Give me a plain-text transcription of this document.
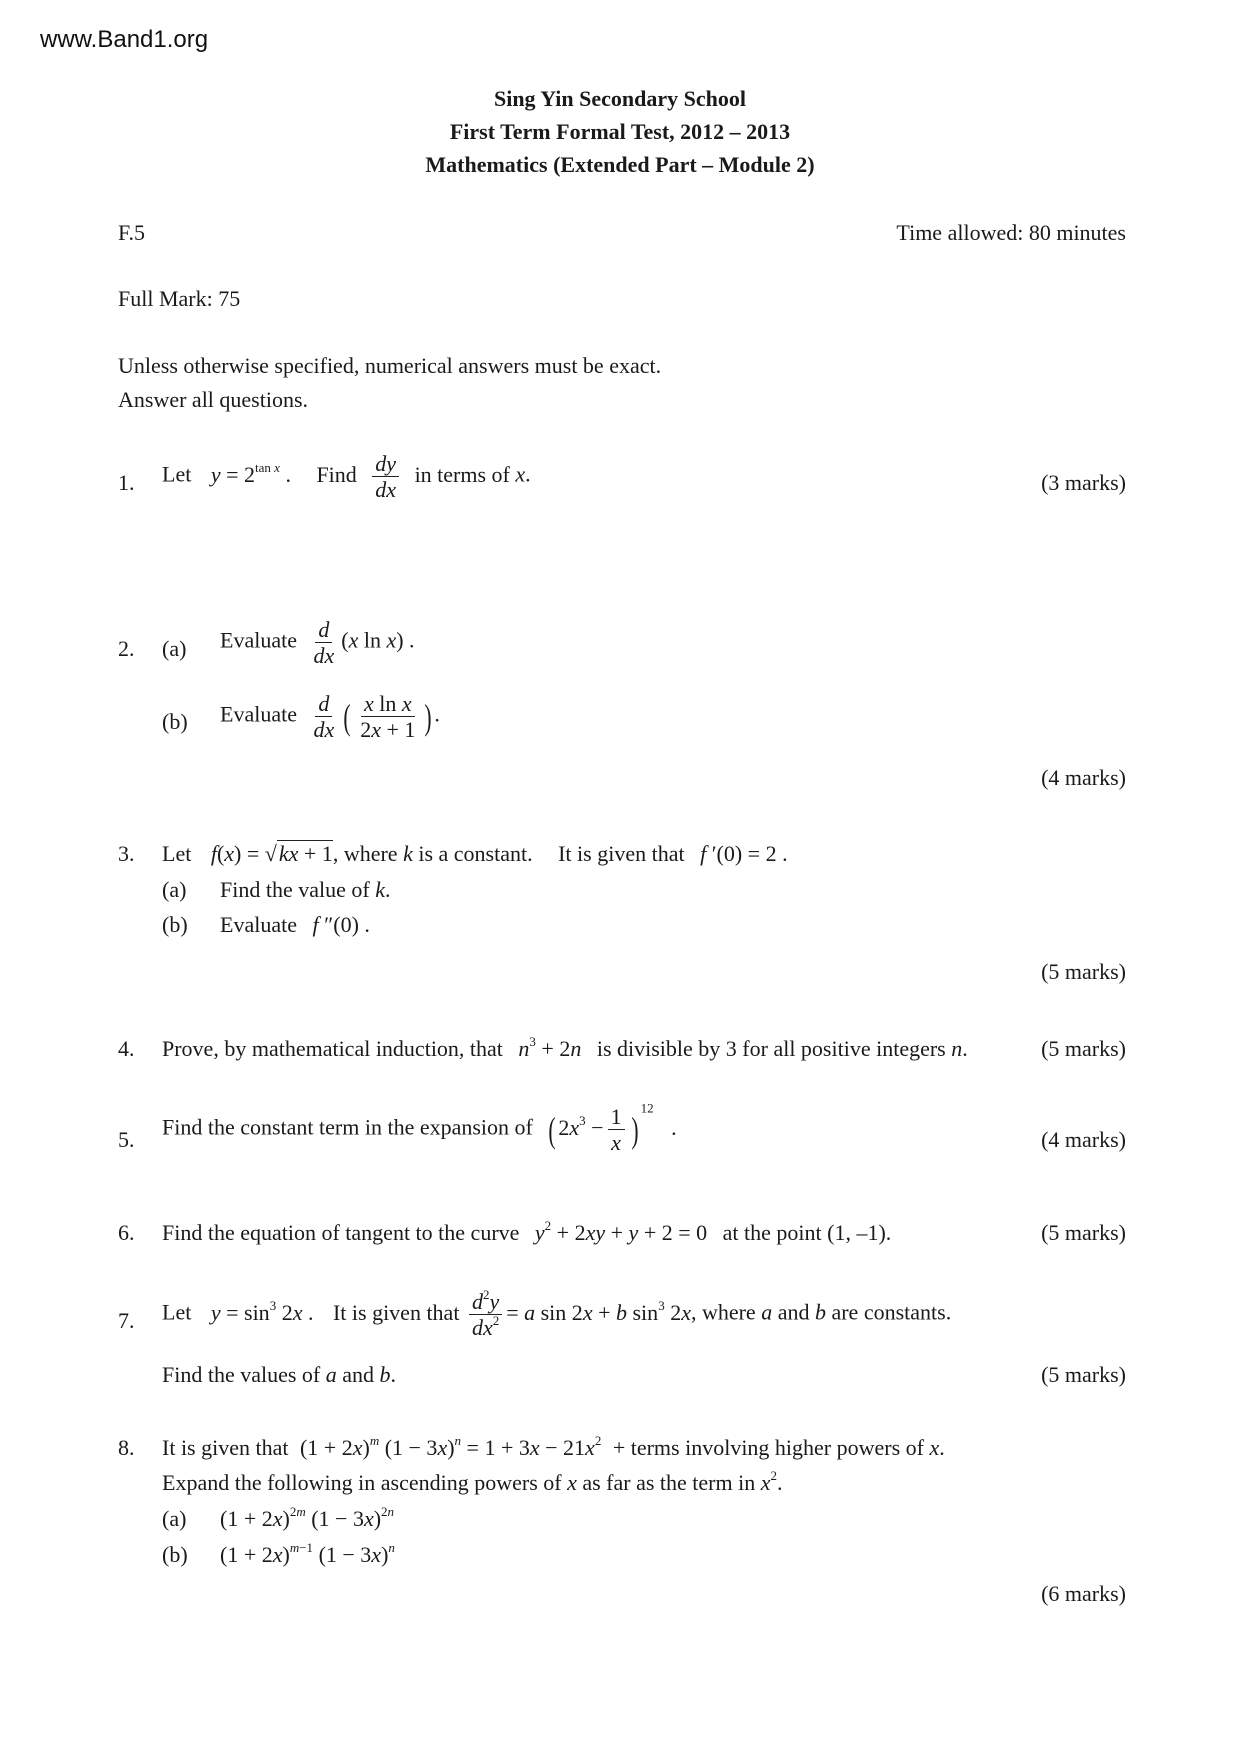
www.Band1.org
Sing Yin Secondary School
First Term Formal Test, 2012 – 2013
Mathematics (Extended Part – Module 2)
F.5	Time allowed: 80 minutes
Full Mark: 75
Unless otherwise specified, numerical answers must be exact.
Answer all questions.
1.	Let $y = 2^{tan x}$ . Find $\frac{dy}{dx}$ in terms of x.	(3 marks)
2.	(a) Evaluate $\frac{d}{dx} (x$ ln x) .
(b) Evaluate $\frac{d}{dx}$ ( $\frac{\text{x ln x}}{2x + 1}$ ) .
(4 marks)
3.	Let f(x) = √kx + 1, where k is a constant. It is given that f ′(0) = 2 .
(a) Find the value of k.
(b) Evaluate f ″(0) .
(5 marks)
4.	Prove, by mathematical induction, that $n^3 + 2n$ is divisible by 3 for all positive integers n.	(5 marks)
5.	Find the constant term in the expansion of ( $2x^3 - \frac{1}{x} )^{12}$ .	(4 marks)
6.	Find the equation of tangent to the curve $y^2 + 2xy + y + 2 = 0$ at the point (1, –1).	(5 marks)
7.	Let $y = \sin^3 2x$ . It is given that $\frac{d^2y}{dx^2} = a$ sin 2x + b $\sin^3 2x$, where a and b are constants.
Find the values of a and b.	(5 marks)
8.	It is given that $(1 + 2x)^m$ $(1 - 3x)^n = 1 + 3x - 21x^2$ + terms involving higher powers of x.
Expand the following in ascending powers of x as far as the term in $x^2$.
(a) $(1 + 2x)^{2m}$ $(1 - 3x)^{2n}$
(b) $(1 + 2x)^{m-1}$ $(1 - 3x)^n$
(6 marks)
